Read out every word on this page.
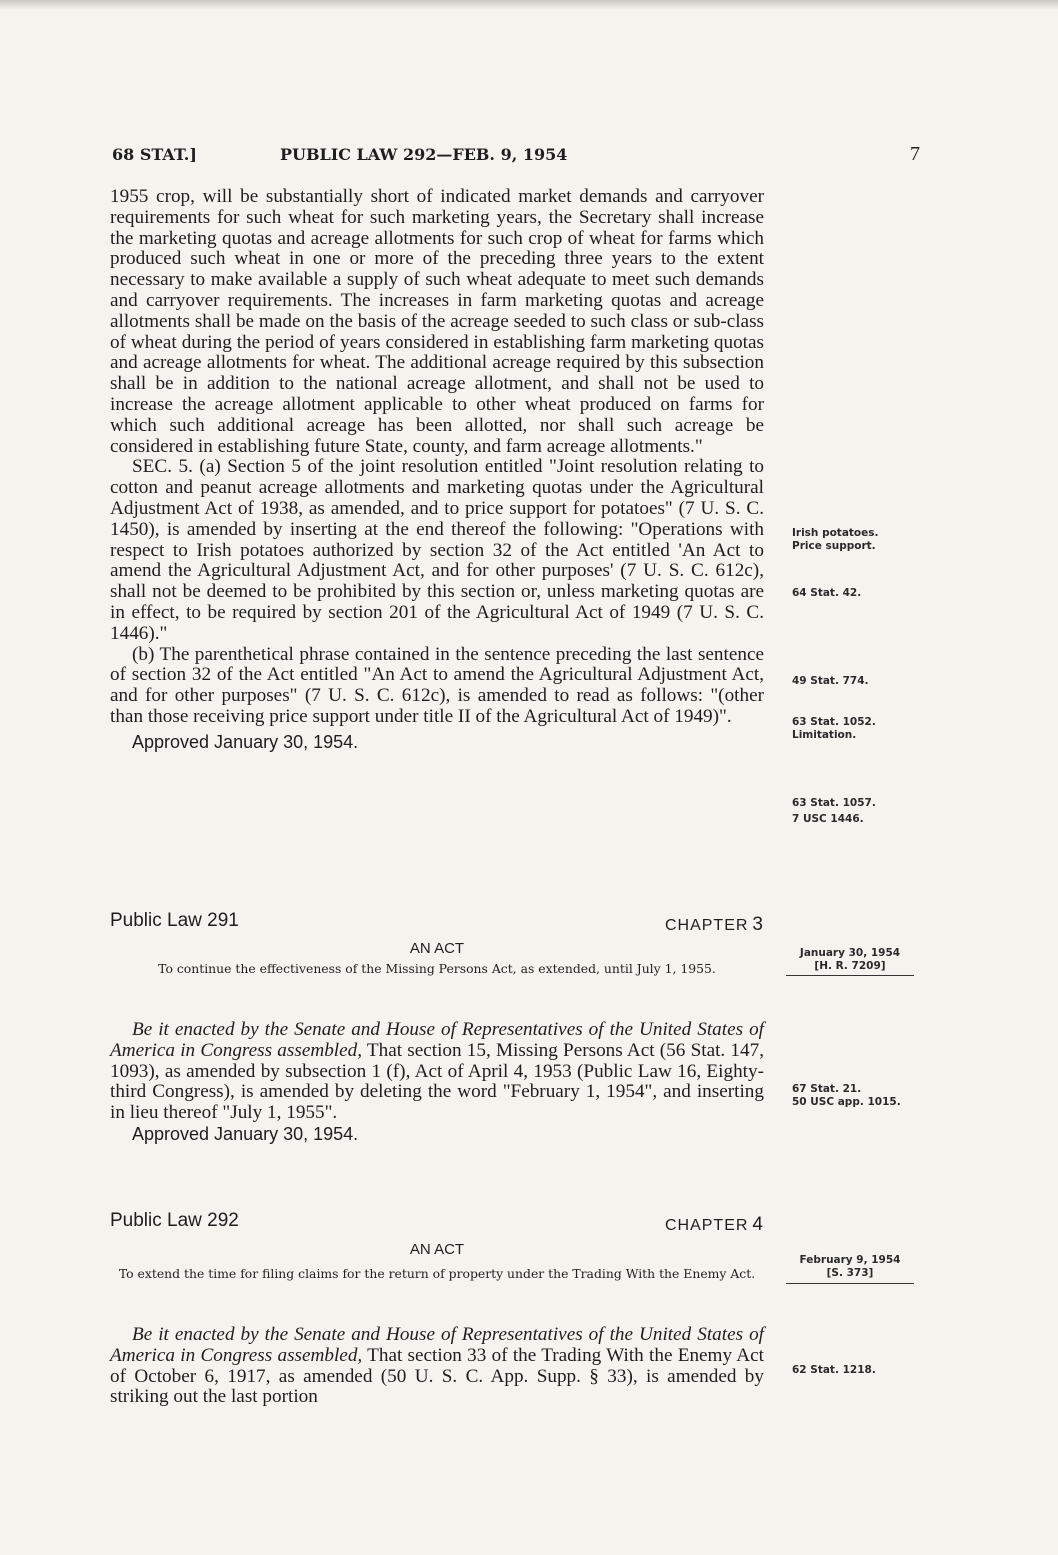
68 STAT.]	PUBLIC LAW 292—FEB. 9, 1954	7

1955 crop, will be substantially short of indicated market demands and carryover requirements for such wheat for such marketing years, the Secretary shall increase the marketing quotas and acreage allotments for such crop of wheat for farms which produced such wheat in one or more of the preceding three years to the extent necessary to make available a supply of such wheat adequate to meet such demands and carryover requirements. The increases in farm marketing quotas and acreage allotments shall be made on the basis of the acreage seeded to such class or sub-class of wheat during the period of years considered in establishing farm marketing quotas and acreage allotments for wheat. The additional acreage required by this subsection shall be in addition to the national acreage allotment, and shall not be used to increase the acreage allotment applicable to other wheat produced on farms for which such additional acreage has been allotted, nor shall such acreage be considered in establishing future State, county, and farm acreage allotments."

SEC. 5. (a) Section 5 of the joint resolution entitled "Joint resolution relating to cotton and peanut acreage allotments and marketing quotas under the Agricultural Adjustment Act of 1938, as amended, and to price support for potatoes" (7 U. S. C. 1450), is amended by inserting at the end thereof the following: "Operations with respect to Irish potatoes authorized by section 32 of the Act entitled 'An Act to amend the Agricultural Adjustment Act, and for other purposes' (7 U. S. C. 612c), shall not be deemed to be prohibited by this section or, unless marketing quotas are in effect, to be required by section 201 of the Agricultural Act of 1949 (7 U. S. C. 1446)."

(b) The parenthetical phrase contained in the sentence preceding the last sentence of section 32 of the Act entitled "An Act to amend the Agricultural Adjustment Act, and for other purposes" (7 U. S. C. 612c), is amended to read as follows: "(other than those receiving price support under title II of the Agricultural Act of 1949)".

Approved January 30, 1954.

Public Law 291	CHAPTER 3
AN ACT
To continue the effectiveness of the Missing Persons Act, as extended, until July 1, 1955.

Be it enacted by the Senate and House of Representatives of the United States of America in Congress assembled, That section 15, Missing Persons Act (56 Stat. 147, 1093), as amended by subsection 1 (f), Act of April 4, 1953 (Public Law 16, Eighty-third Congress), is amended by deleting the word "February 1, 1954", and inserting in lieu thereof "July 1, 1955".

Approved January 30, 1954.

Public Law 292	CHAPTER 4
AN ACT
To extend the time for filing claims for the return of property under the Trading With the Enemy Act.

Be it enacted by the Senate and House of Representatives of the United States of America in Congress assembled, That section 33 of the Trading With the Enemy Act of October 6, 1917, as amended (50 U. S. C. App. Supp. § 33), is amended by striking out the last portion

Irish potatoes.
Price support.
64 Stat. 42.
49 Stat. 774.
63 Stat. 1052.
Limitation.
63 Stat. 1057.
7 USC 1446.
January 30, 1954
[H. R. 7209]
67 Stat. 21.
50 USC app. 1015.
February 9, 1954
[S. 373]
62 Stat. 1218.
